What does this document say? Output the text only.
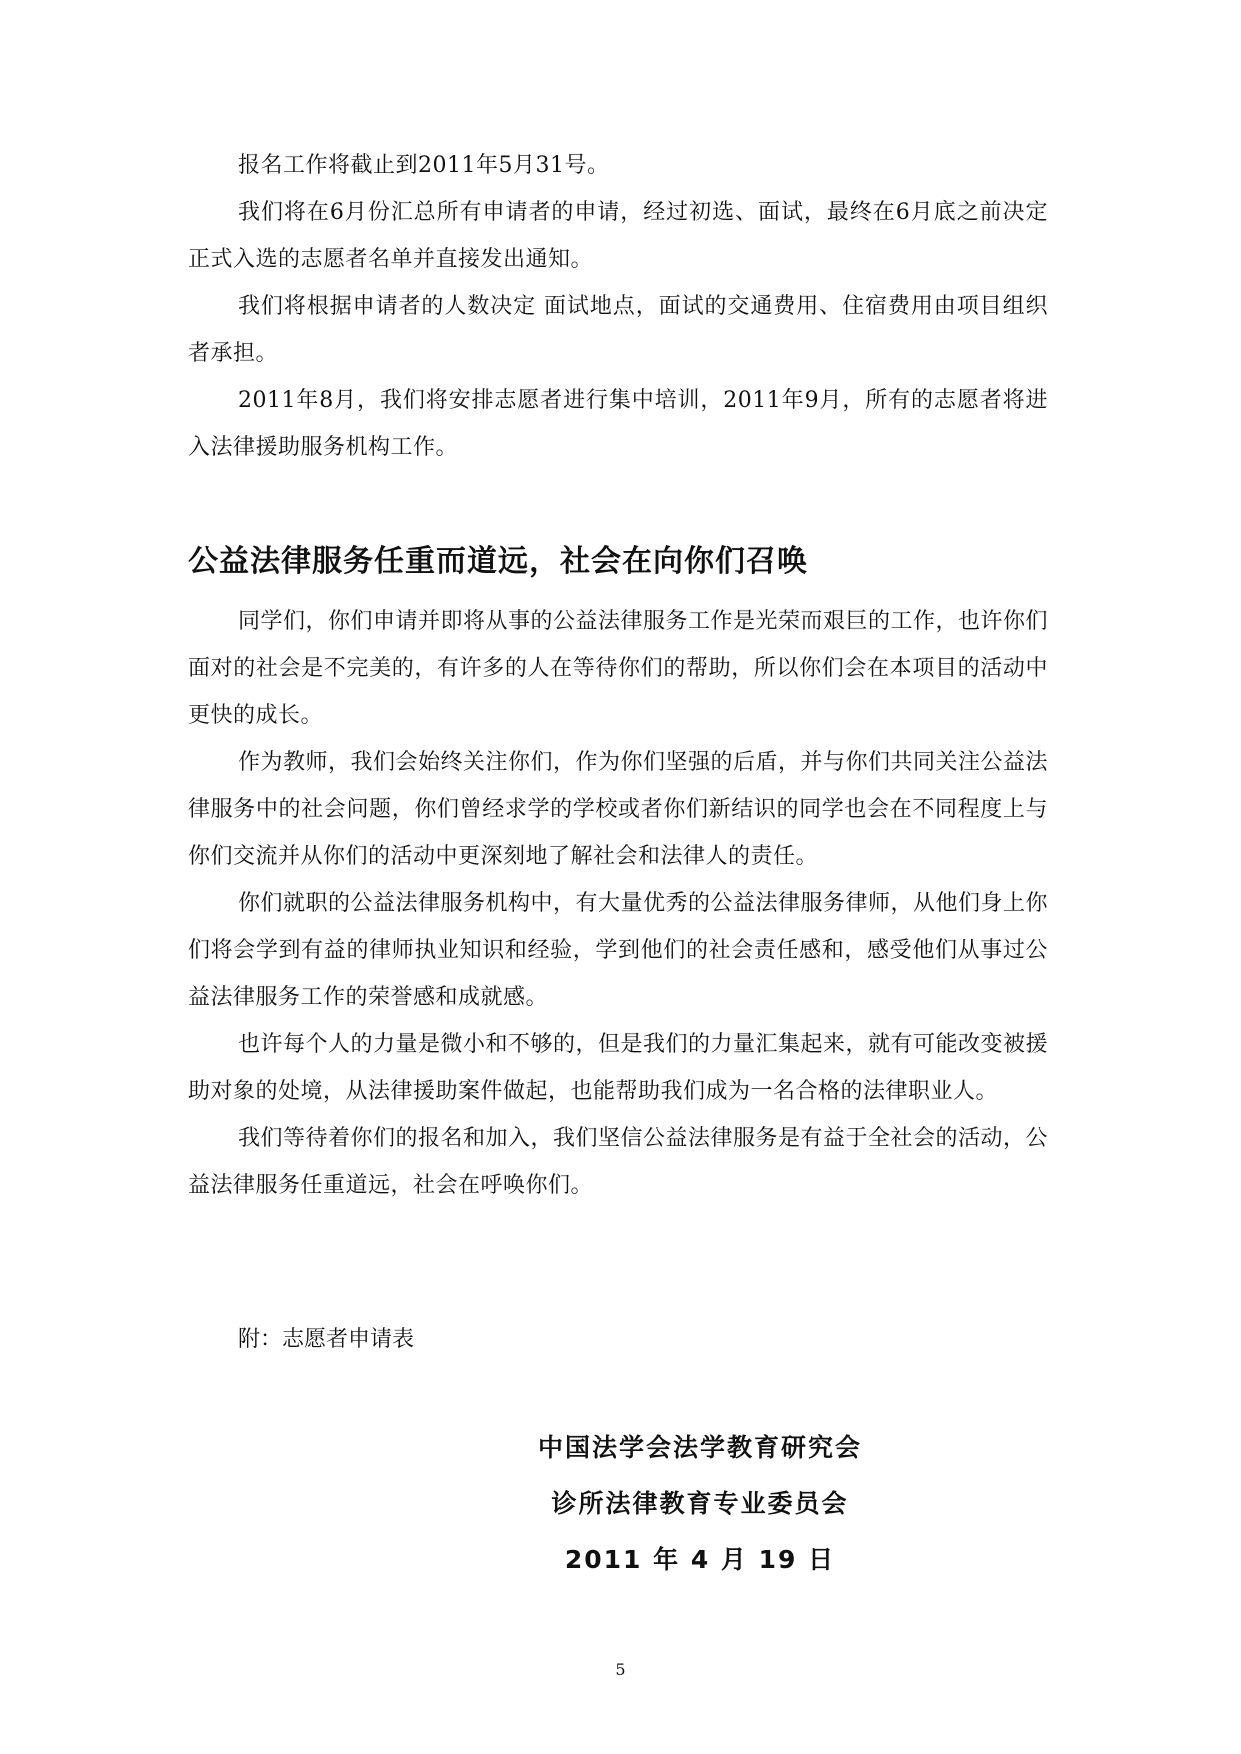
报名工作将截止到2011年5月31号。

我们将在6月份汇总所有申请者的申请，经过初选、面试，最终在6月底之前决定正式入选的志愿者名单并直接发出通知。

我们将根据申请者的人数决定 面试地点，面试的交通费用、住宿费用由项目组织者承担。

2011年8月，我们将安排志愿者进行集中培训，2011年9月，所有的志愿者将进入法律援助服务机构工作。

公益法律服务任重而道远，社会在向你们召唤

同学们，你们申请并即将从事的公益法律服务工作是光荣而艰巨的工作，也许你们面对的社会是不完美的，有许多的人在等待你们的帮助，所以你们会在本项目的活动中更快的成长。

作为教师，我们会始终关注你们，作为你们坚强的后盾，并与你们共同关注公益法律服务中的社会问题，你们曾经求学的学校或者你们新结识的同学也会在不同程度上与你们交流并从你们的活动中更深刻地了解社会和法律人的责任。

你们就职的公益法律服务机构中，有大量优秀的公益法律服务律师，从他们身上你们将会学到有益的律师执业知识和经验，学到他们的社会责任感和，感受他们从事过公益法律服务工作的荣誉感和成就感。

也许每个人的力量是微小和不够的，但是我们的力量汇集起来，就有可能改变被援助对象的处境，从法律援助案件做起，也能帮助我们成为一名合格的法律职业人。

我们等待着你们的报名和加入，我们坚信公益法律服务是有益于全社会的活动，公益法律服务任重道远，社会在呼唤你们。

附：志愿者申请表

中国法学会法学教育研究会

诊所法律教育专业委员会

2011 年 4 月 19 日

5
